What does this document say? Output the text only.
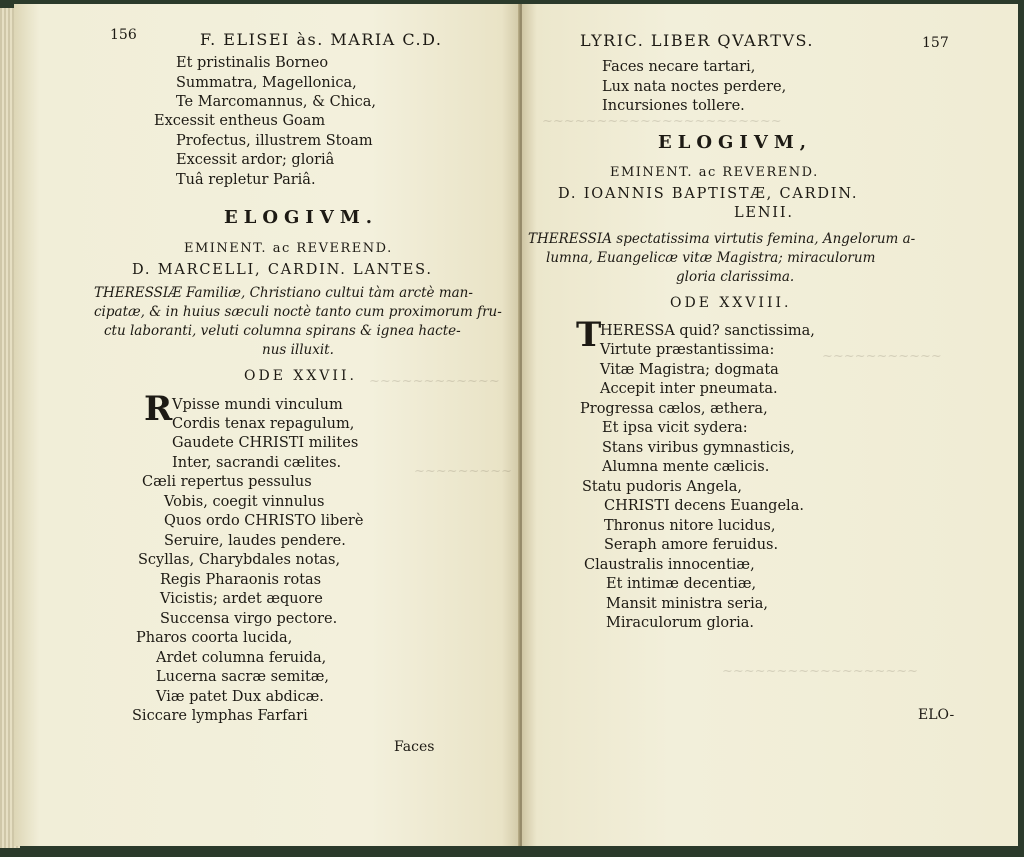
~~~~~~~~~~~~
~~~~~~~~~
156	F. ELISEI às. MARIA C.D.
Et pristinalis Borneo
Summatra, Magellonica,
Te Marcomannus, & Chica,
Excessit entheus Goam
Profectus, illustrem Stoam
Excessit ardor; gloriâ
Tuâ repletur Pariâ.
ELOGIVM.
EMINENT. ac REVEREND.
D. MARCELLI, CARDIN. LANTES.
THERESSIÆ Familiæ, Christiano cultui tàm arctè man-
cipatæ, & in huius sæculi noctè tanto cum proximorum fru-
ctu laboranti, veluti columna spirans & ignea hacte-
nus illuxit.
ODE XXVII.
R Vpisse mundi vinculum
Cordis tenax repagulum,
Gaudete CHRISTI milites
Inter, sacrandi cælites.
Cæli repertus pessulus
Vobis, coegit vinnulus
Quos ordo CHRISTO liberè
Seruire, laudes pendere.
Scyllas, Charybdales notas,
Regis Pharaonis rotas
Vicistis; ardet æquore
Succensa virgo pectore.
Pharos coorta lucida,
Ardet columna feruida,
Lucerna sacræ semitæ,
Viæ patet Dux abdicæ.
Siccare lymphas Farfari
Faces
~~~~~~~~~~~~~~~~~~~~~~
~~~~~~~~~~~
~~~~~~~~~~~~~~~~~~
LYRIC. LIBER QVARTVS.	157
Faces necare tartari,
Lux nata noctes perdere,
Incursiones tollere.
ELOGIVM,
EMINENT. ac REVEREND.
D. IOANNIS BAPTISTÆ, CARDIN.
LENII.
THERESSIA spectatissima virtutis femina, Angelorum a-
lumna, Euangelicæ vitæ Magistra; miraculorum
gloria clarissima.
ODE XXVIII.
T
HERESSA quid? sanctissima,
Virtute præstantissima:
Vitæ Magistra; dogmata
Accepit inter pneumata.
Progressa cælos, æthera,
Et ipsa vicit sydera:
Stans viribus gymnasticis,
Alumna mente cælicis.
Statu pudoris Angela,
CHRISTI decens Euangela.
Thronus nitore lucidus,
Seraph amore feruidus.
Claustralis innocentiæ,
Et intimæ decentiæ,
Mansit ministra seria,
Miraculorum gloria.
ELO-
